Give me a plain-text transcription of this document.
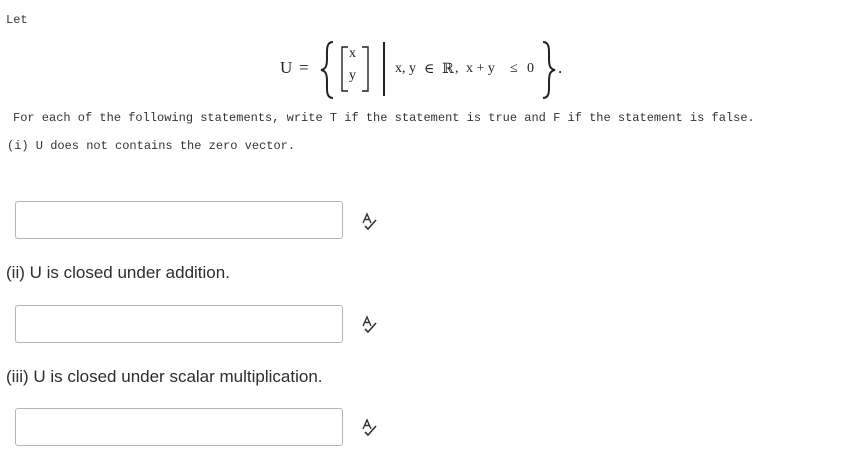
Let
U =
x
y	x, y ∈ ℝ , x + y ≤ 0 .
For each of the following statements, write T if the statement is true and F if the statement is false.
(i) U does not contains the zero vector.
(ii) U is closed under addition.
(iii) U is closed under scalar multiplication.
